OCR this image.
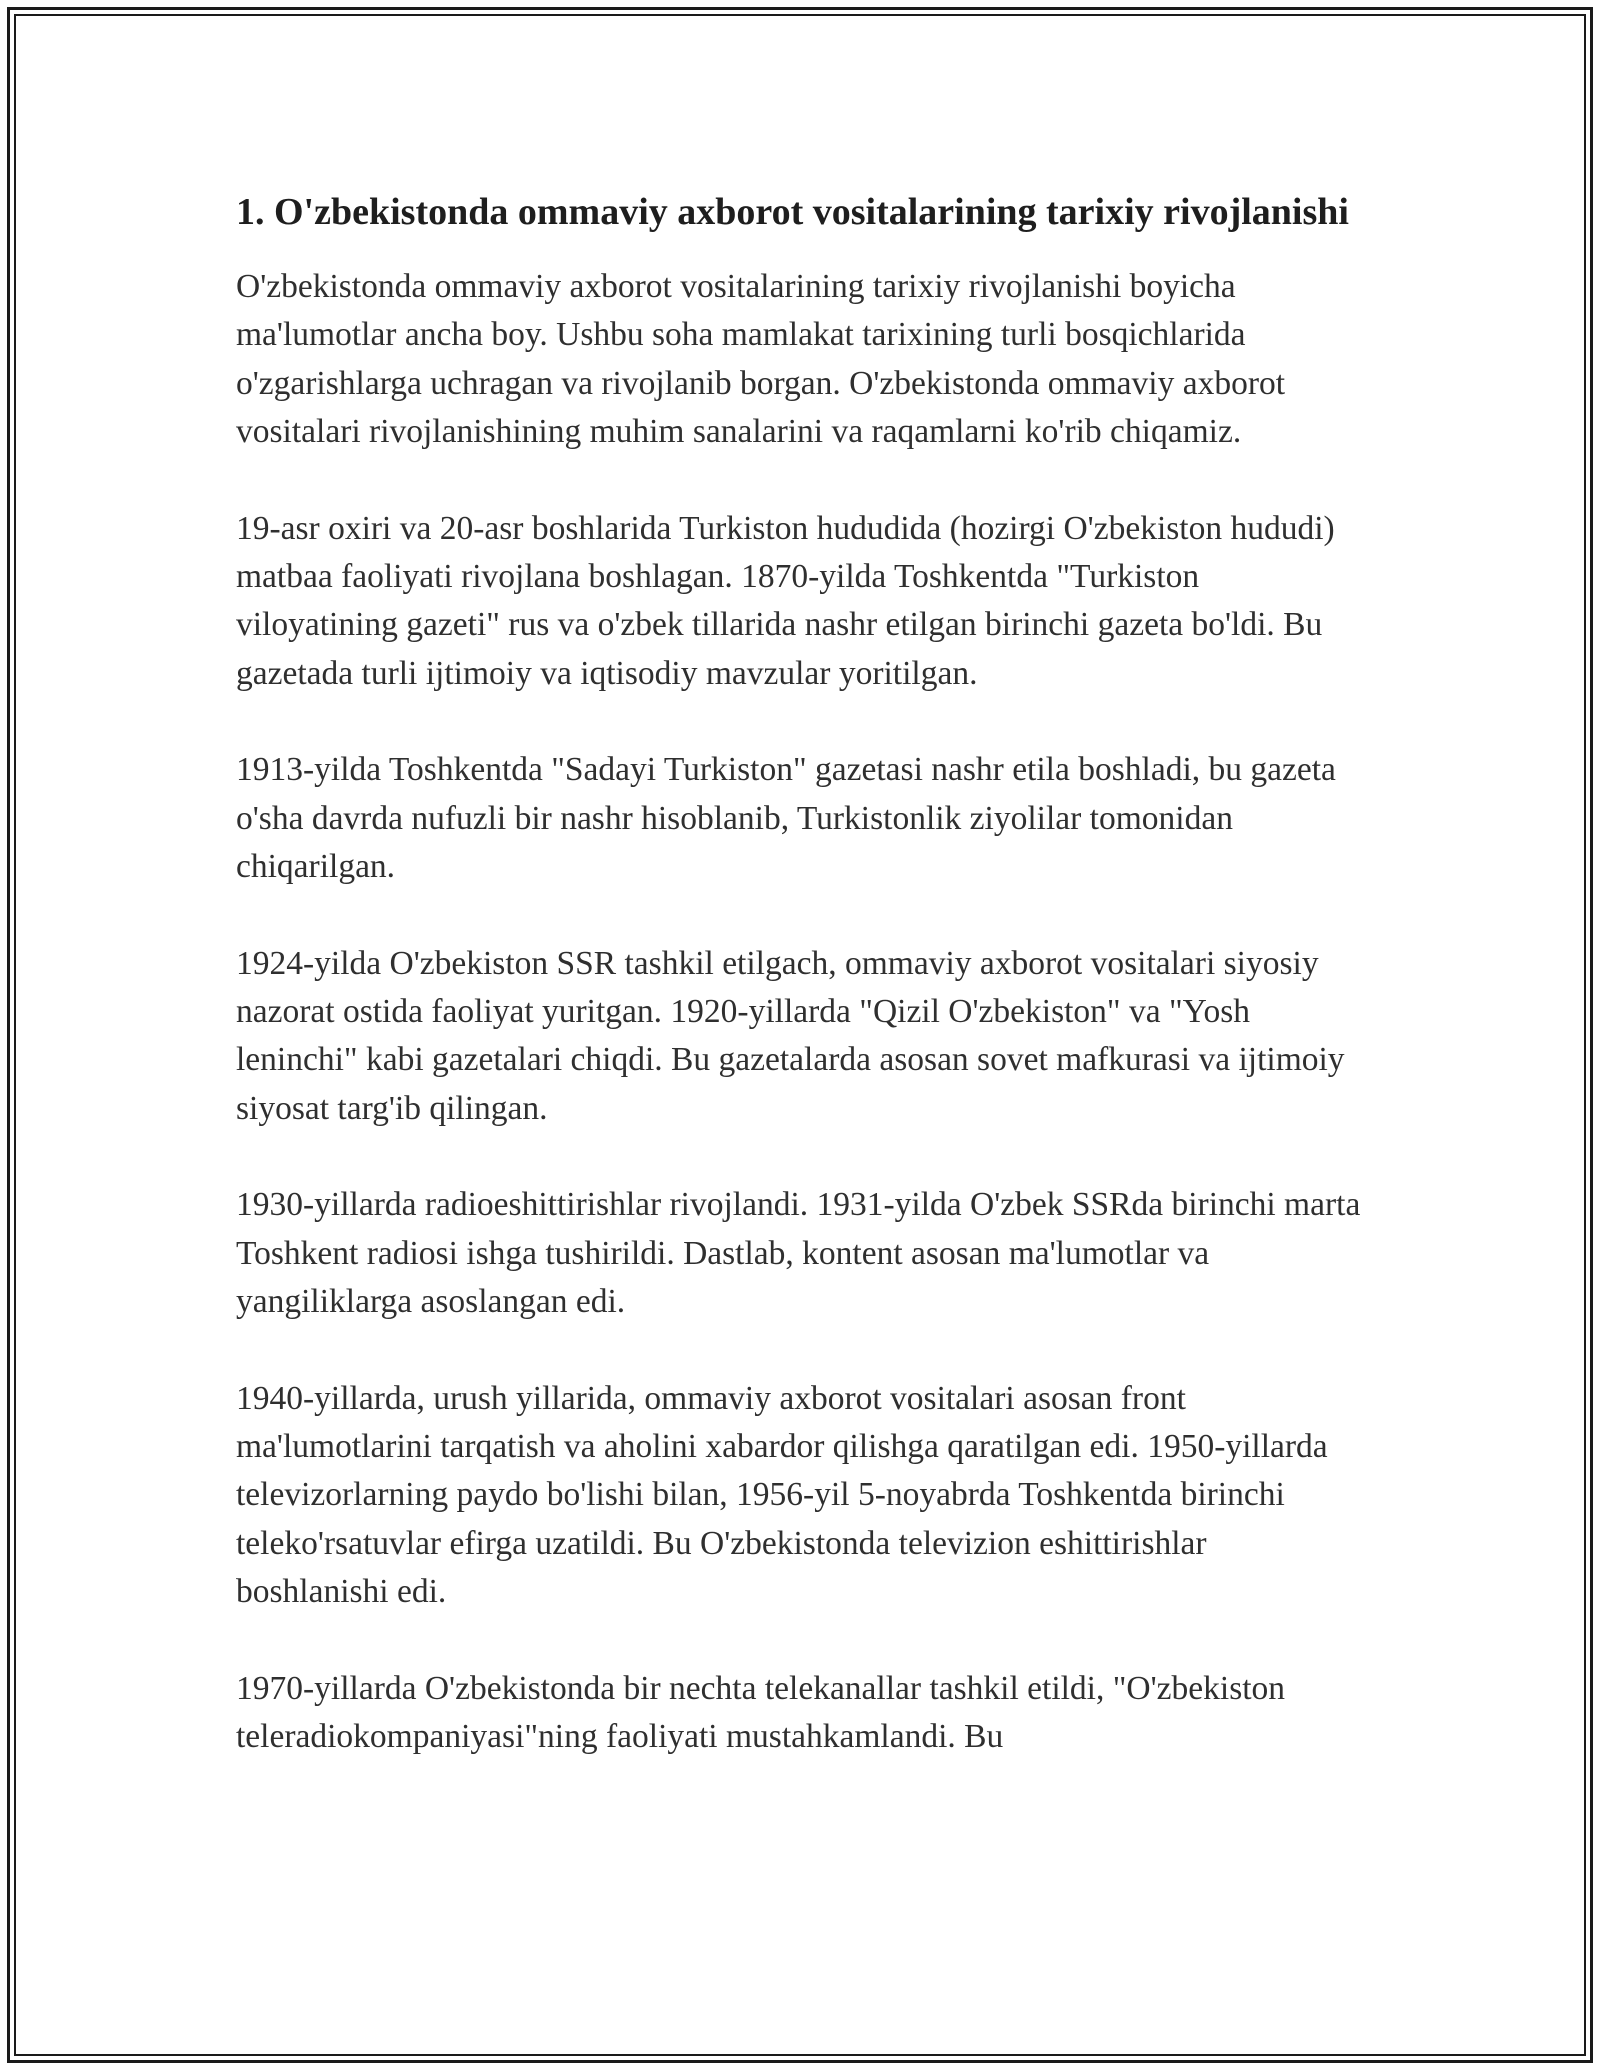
1. O'zbekistonda ommaviy axborot vositalarining tarixiy rivojlanishi

O'zbekistonda ommaviy axborot vositalarining tarixiy rivojlanishi boyicha ma'lumotlar ancha boy. Ushbu soha mamlakat tarixining turli bosqichlarida o'zgarishlarga uchragan va rivojlanib borgan. O'zbekistonda ommaviy axborot vositalari rivojlanishining muhim sanalarini va raqamlarni ko'rib chiqamiz.

19-asr oxiri va 20-asr boshlarida Turkiston hududida (hozirgi O'zbekiston hududi) matbaa faoliyati rivojlana boshlagan. 1870-yilda Toshkentda "Turkiston viloyatining gazeti" rus va o'zbek tillarida nashr etilgan birinchi gazeta bo'ldi. Bu gazetada turli ijtimoiy va iqtisodiy mavzular yoritilgan.

1913-yilda Toshkentda "Sadayi Turkiston" gazetasi nashr etila boshladi, bu gazeta o'sha davrda nufuzli bir nashr hisoblanib, Turkistonlik ziyolilar tomonidan chiqarilgan.

1924-yilda O'zbekiston SSR tashkil etilgach, ommaviy axborot vositalari siyosiy nazorat ostida faoliyat yuritgan. 1920-yillarda "Qizil O'zbekiston" va "Yosh leninchi" kabi gazetalari chiqdi. Bu gazetalarda asosan sovet mafkurasi va ijtimoiy siyosat targ'ib qilingan.

1930-yillarda radioeshittirishlar rivojlandi. 1931-yilda O'zbek SSRda birinchi marta Toshkent radiosi ishga tushirildi. Dastlab, kontent asosan ma'lumotlar va yangiliklarga asoslangan edi.

1940-yillarda, urush yillarida, ommaviy axborot vositalari asosan front ma'lumotlarini tarqatish va aholini xabardor qilishga qaratilgan edi. 1950-yillarda televizorlarning paydo bo'lishi bilan, 1956-yil 5-noyabrda Toshkentda birinchi teleko'rsatuvlar efirga uzatildi. Bu O'zbekistonda televizion eshittirishlar boshlanishi edi.

1970-yillarda O'zbekistonda bir nechta telekanallar tashkil etildi, "O'zbekiston teleradiokompaniyasi"ning faoliyati mustahkamlandi. Bu
